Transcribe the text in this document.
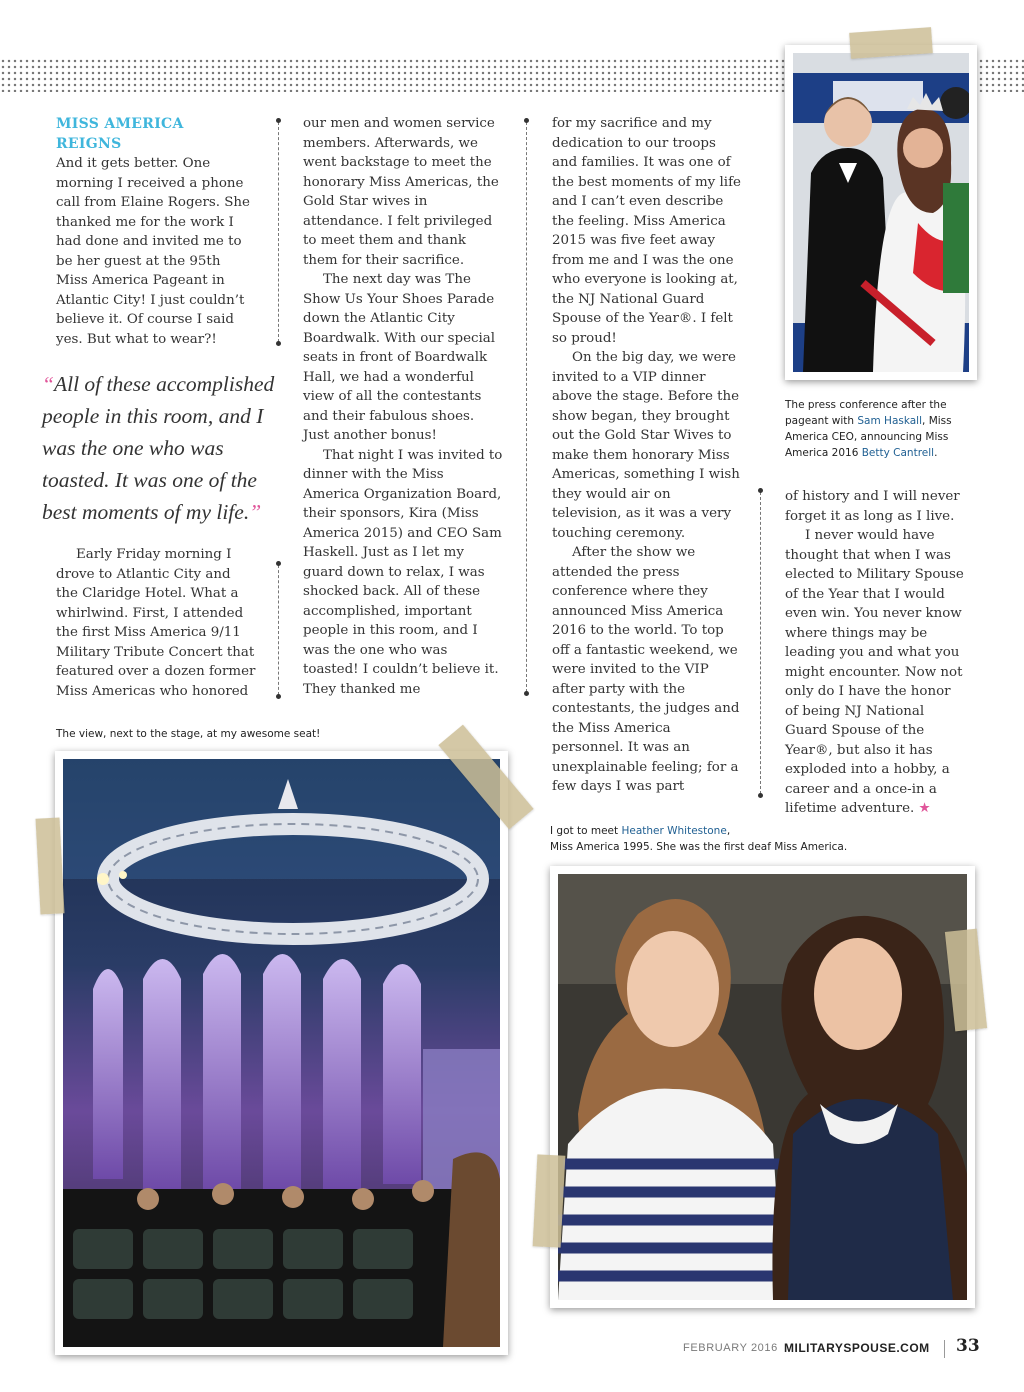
MISS AMERICA
REIGNS

And it gets better. One morning I received a phone call from Elaine Rogers. She thanked me for the work I had done and invited me to be her guest at the 95th Miss America Pageant in Atlantic City! I just couldn’t believe it. Of course I said yes. But what to wear?!

“All of these accomplished people in this room, and I was the one who was toasted. It was one of the best moments of my life.”

Early Friday morning I drove to Atlantic City and the Claridge Hotel. What a whirlwind. First, I attended the first Miss America 9/11 Military Tribute Concert that featured over a dozen former Miss Americas who honored

our men and women service members. Afterwards, we went backstage to meet the honorary Miss Americas, the Gold Star wives in attendance. I felt privileged to meet them and thank them for their sacrifice.

The next day was The Show Us Your Shoes Parade down the Atlantic City Boardwalk. With our special seats in front of Boardwalk Hall, we had a wonderful view of all the contestants and their fabulous shoes. Just another bonus!

That night I was invited to dinner with the Miss America Organization Board, their sponsors, Kira (Miss America 2015) and CEO Sam Haskell. Just as I let my guard down to relax, I was shocked back. All of these accomplished, important people in this room, and I was the one who was toasted! I couldn’t believe it. They thanked me

for my sacrifice and my dedication to our troops and families. It was one of the best moments of my life and I can’t even describe the feeling. Miss America 2015 was five feet away from me and I was the one who everyone is looking at, the NJ National Guard Spouse of the Year®. I felt so proud!

On the big day, we were invited to a VIP dinner above the stage. Before the show began, they brought out the Gold Star Wives to make them honorary Miss Americas, something I wish they would air on television, as it was a very touching ceremony.

After the show we attended the press conference where they announced Miss America 2016 to the world. To top off a fantastic weekend, we were invited to the VIP after party with the contestants, the judges and the Miss America personnel. It was an unexplainable feeling; for a few days I was part

of history and I will never forget it as long as I live.

I never would have thought that when I was elected to Military Spouse of the Year that I would even win. You never know where things may be leading you and what you might encounter. Now not only do I have the honor of being NJ National Guard Spouse of the Year®, but also it has exploded into a hobby, a career and a once-in a lifetime adventure. ★

The press conference after the pageant with Sam Haskall, Miss America CEO, announcing Miss America 2016 Betty Cantrell.
The view, next to the stage, at my awesome seat!
I got to meet Heather Whitestone,
Miss America 1995. She was the first deaf Miss America.
FEBRUARY 2016 MILITARYSPOUSE.COM 33
